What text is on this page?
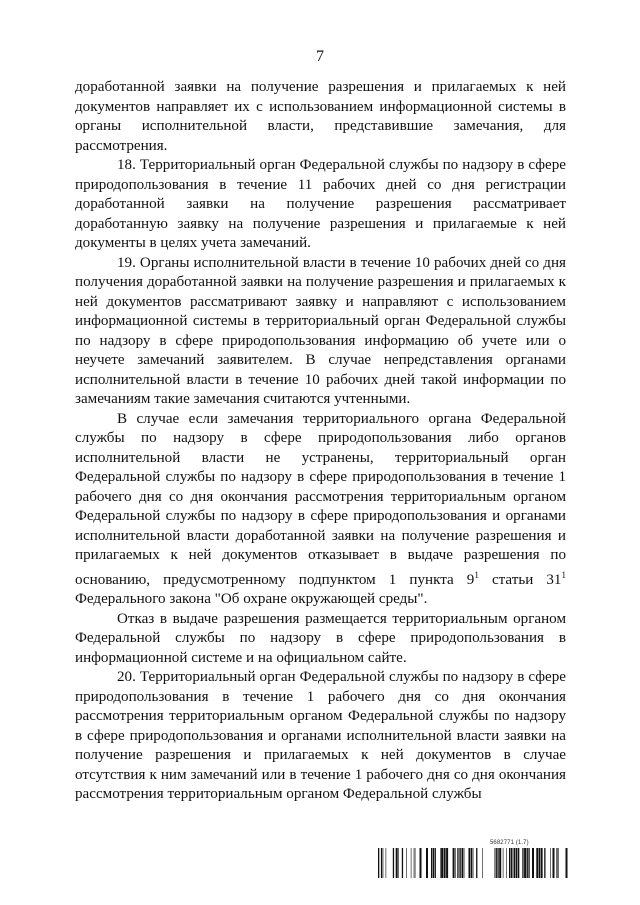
7

доработанной заявки на получение разрешения и прилагаемых к ней документов направляет их с использованием информационной системы в органы исполнительной власти, представившие замечания, для рассмотрения.

18. Территориальный орган Федеральной службы по надзору в сфере природопользования в течение 11 рабочих дней со дня регистрации доработанной заявки на получение разрешения рассматривает доработанную заявку на получение разрешения и прилагаемые к ней документы в целях учета замечаний.

19. Органы исполнительной власти в течение 10 рабочих дней со дня получения доработанной заявки на получение разрешения и прилагаемых к ней документов рассматривают заявку и направляют с использованием информационной системы в территориальный орган Федеральной службы по надзору в сфере природопользования информацию об учете или о неучете замечаний заявителем. В случае непредставления органами исполнительной власти в течение 10 рабочих дней такой информации по замечаниям такие замечания считаются учтенными.

В случае если замечания территориального органа Федеральной службы по надзору в сфере природопользования либо органов исполнительной власти не устранены, территориальный орган Федеральной службы по надзору в сфере природопользования в течение 1 рабочего дня со дня окончания рассмотрения территориальным органом Федеральной службы по надзору в сфере природопользования и органами исполнительной власти доработанной заявки на получение разрешения и прилагаемых к ней документов отказывает в выдаче разрешения по основанию, предусмотренному подпунктом 1 пункта $9^1$ статьи $31^1$ Федерального закона "Об охране окружающей среды".

Отказ в выдаче разрешения размещается территориальным органом Федеральной службы по надзору в сфере природопользования в информационной системе и на официальном сайте.

20. Территориальный орган Федеральной службы по надзору в сфере природопользования в течение 1 рабочего дня со дня окончания рассмотрения территориальным органом Федеральной службы по надзору в сфере природопользования и органами исполнительной власти заявки на получение разрешения и прилагаемых к ней документов в случае отсутствия к ним замечаний или в течение 1 рабочего дня со дня окончания рассмотрения территориальным органом Федеральной службы

5682771 (1.7)
